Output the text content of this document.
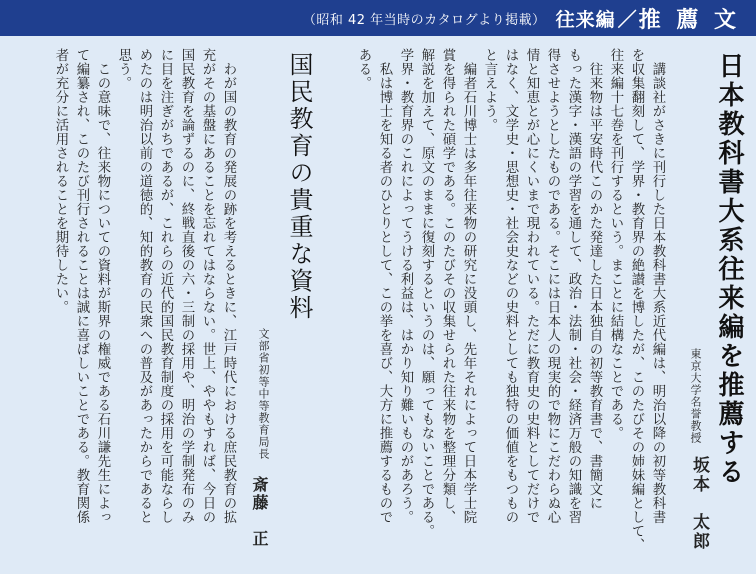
（昭和 42 年当時のカタログより掲載） 往来編 ／ 推 薦 文
日本教科書大系往来編を推薦する
東京大学名誉教授
坂本　太郎
　講談社がさきに刊行した日本教科書大系近代編は、明治以降の初等教科書
を収集翻刻して、学界・教育界の絶讃を博したが、このたびその姉妹編として、
往来編十七巻を刊行するという。まことに結構なことである。
　往来物は平安時代このかた発達した日本独自の初等教育書で、書簡文に
もった漢字・漢語の学習を通して、政治・法制・社会・経済万般の知識を習
得させようとしたものである。そこには日本人の現実的で物にこだわらぬ心
情と知恵とが心にくいまで現われている。ただに教育史の史料としてだけで
はなく、文学史・思想史・社会史などの史料としても独特の価値をもつもの
と言えよう。
　編者石川博士は多年往来物の研究に没頭し、先年それによって日本学士院
賞を得られた碩学である。このたびその収集せられた往来物を整理分類し、
解説を加えて、原文のままに復刻するというのは、願ってもないことである。
学界・教育界のこれによってうける利益は、はかり知り難いものがあろう。
　私は博士を知る者のひとりとして、この挙を喜び、大方に推薦するもので
ある。
国民教育の貴重な資料
文部省初等中等教育局長
斎藤　正
　わが国の教育の発展の跡を考えるときに、江戸時代における庶民教育の拡
充がその基盤にあることを忘れてはならない。世上、ややもすれば、今日の
国民教育を論ずるのに、終戦直後の六・三制の採用や、明治の学制発布のみ
に目を注ぎがちであるが、これらの近代的国民教育制度の採用を可能ならし
めたのは明治以前の道徳的、知的教育の民衆への普及があったからであると
思う。
　この意味で、往来物についての資料が斯界の権威である石川謙先生によっ
て編纂され、このたび刊行されることは誠に喜ばしいことである。教育関係
者が充分に活用されることを期待したい。
